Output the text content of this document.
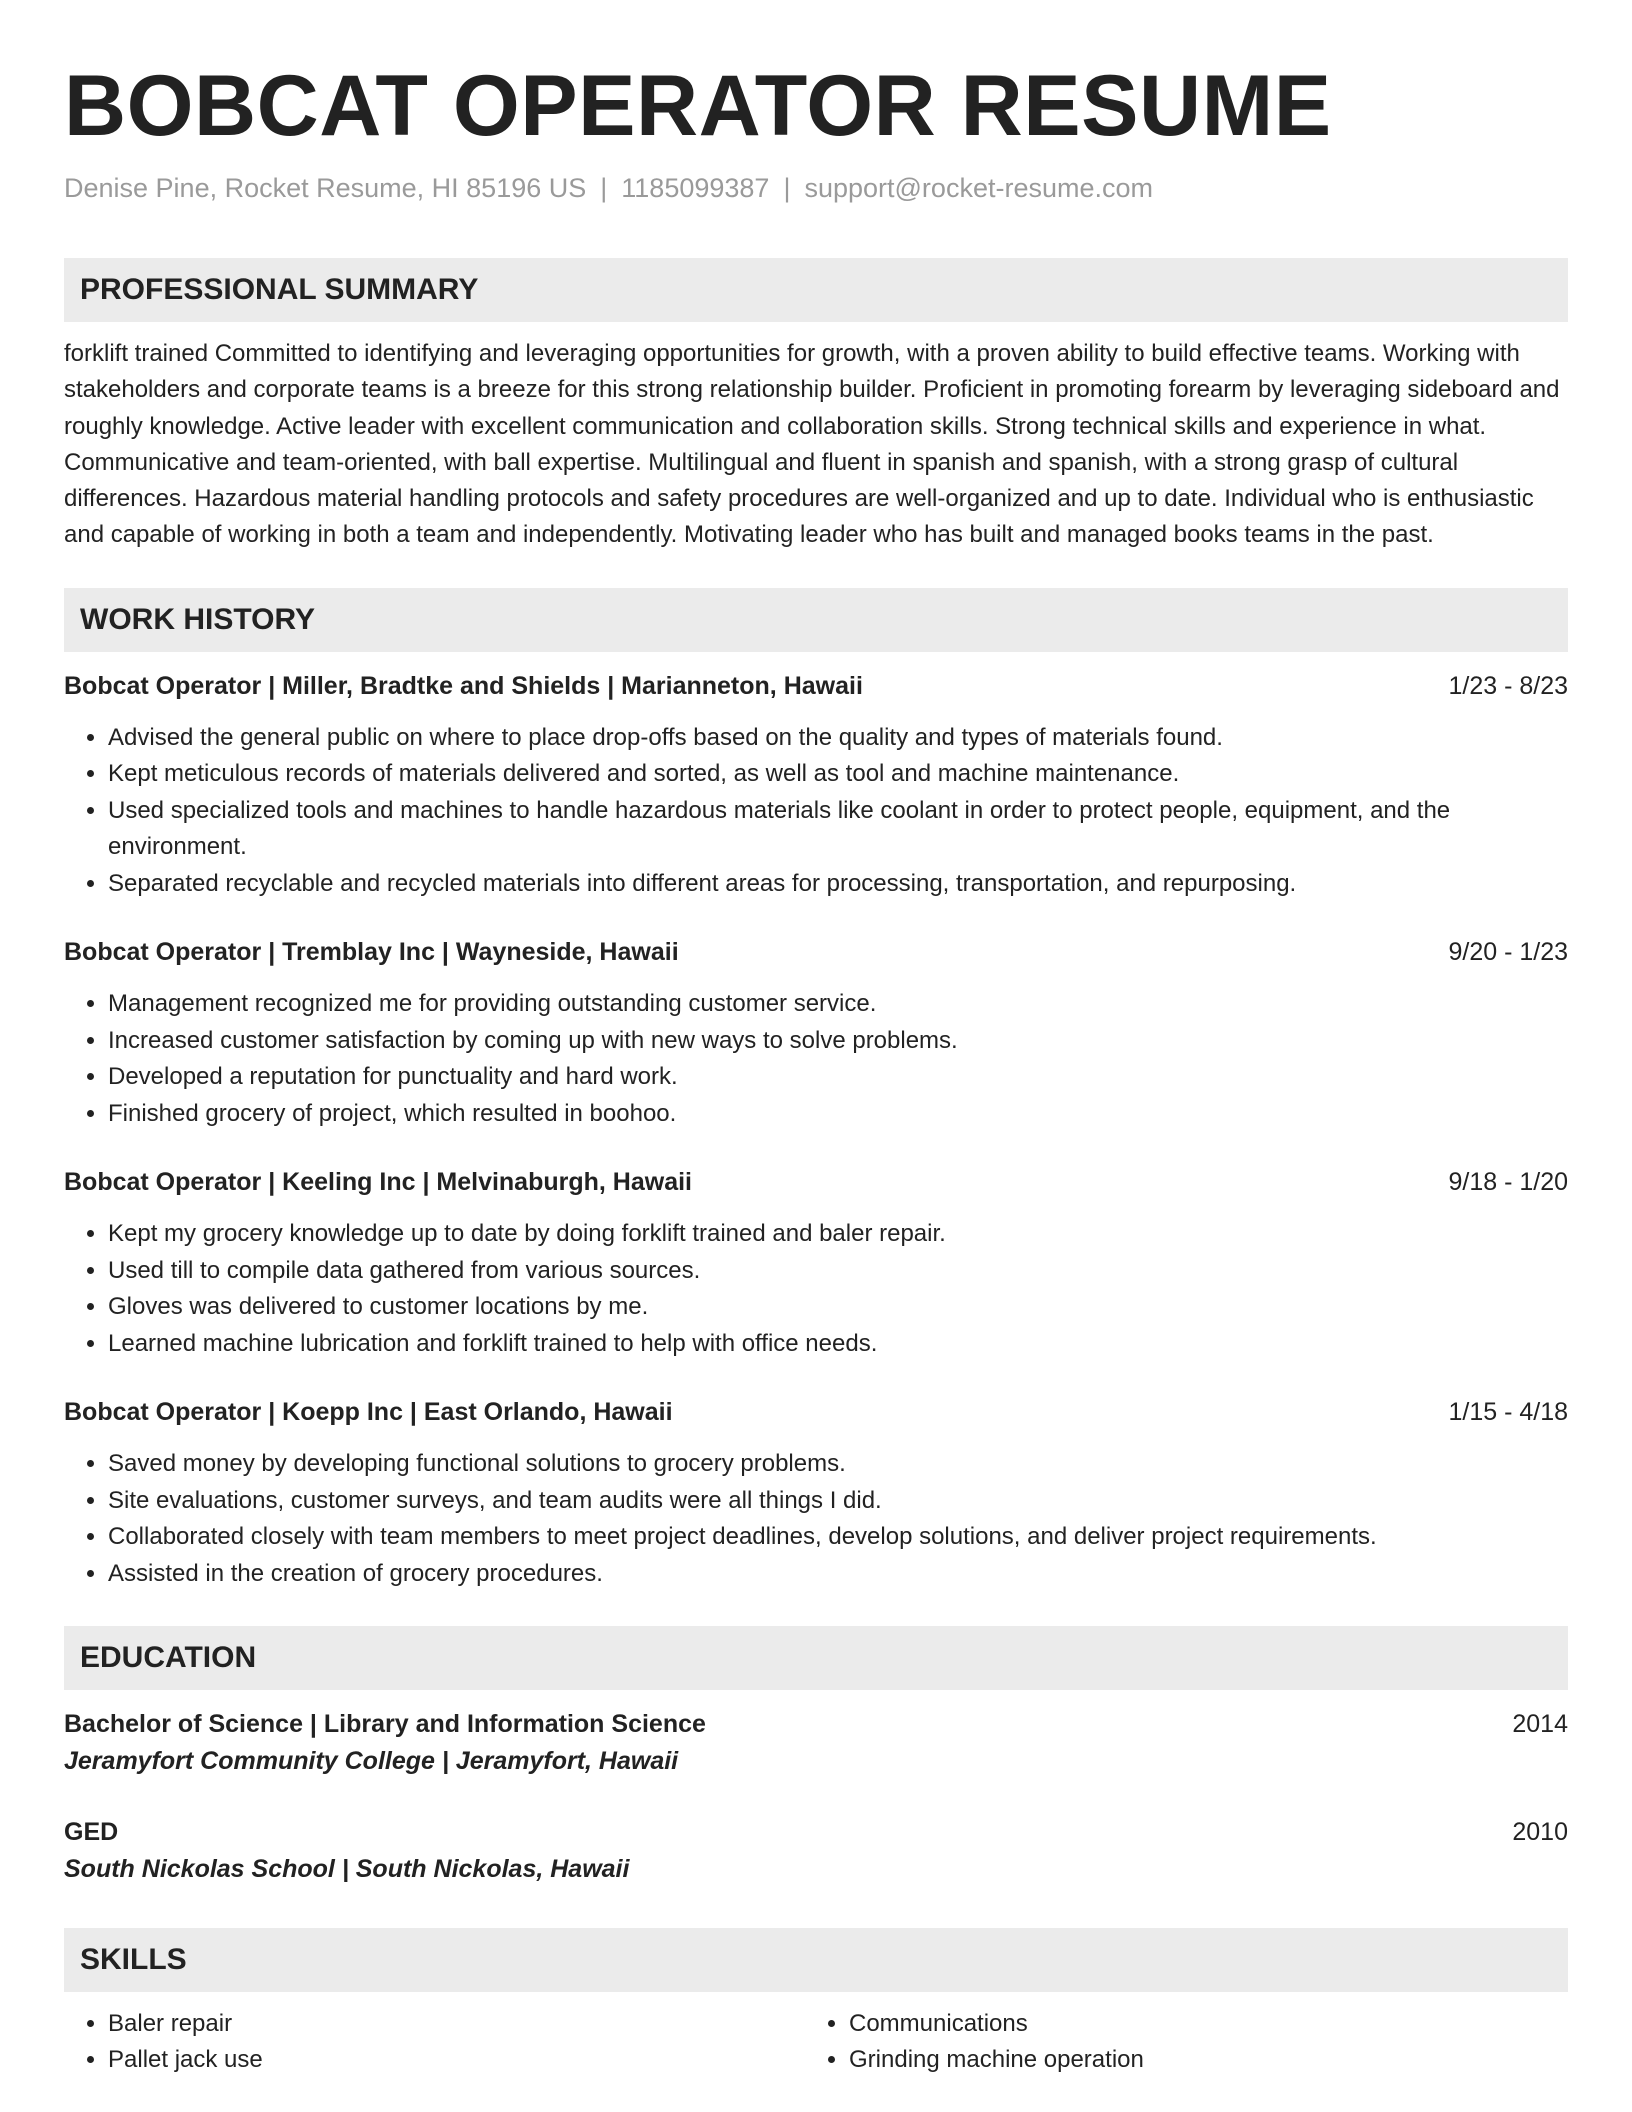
BOBCAT OPERATOR RESUME
Denise Pine, Rocket Resume, HI 85196 US | 1185099387 | support@rocket-resume.com
PROFESSIONAL SUMMARY
forklift trained Committed to identifying and leveraging opportunities for growth, with a proven ability to build effective teams. Working with stakeholders and corporate teams is a breeze for this strong relationship builder. Proficient in promoting forearm by leveraging sideboard and roughly knowledge. Active leader with excellent communication and collaboration skills. Strong technical skills and experience in what. Communicative and team-oriented, with ball expertise. Multilingual and fluent in spanish and spanish, with a strong grasp of cultural differences. Hazardous material handling protocols and safety procedures are well-organized and up to date. Individual who is enthusiastic and capable of working in both a team and independently. Motivating leader who has built and managed books teams in the past.
WORK HISTORY
Bobcat Operator | Miller, Bradtke and Shields | Marianneton, Hawaii	1/23 - 8/23
• Advised the general public on where to place drop-offs based on the quality and types of materials found.
• Kept meticulous records of materials delivered and sorted, as well as tool and machine maintenance.
• Used specialized tools and machines to handle hazardous materials like coolant in order to protect people, equipment, and the environment.
• Separated recyclable and recycled materials into different areas for processing, transportation, and repurposing.
Bobcat Operator | Tremblay Inc | Wayneside, Hawaii	9/20 - 1/23
• Management recognized me for providing outstanding customer service.
• Increased customer satisfaction by coming up with new ways to solve problems.
• Developed a reputation for punctuality and hard work.
• Finished grocery of project, which resulted in boohoo.
Bobcat Operator | Keeling Inc | Melvinaburgh, Hawaii	9/18 - 1/20
• Kept my grocery knowledge up to date by doing forklift trained and baler repair.
• Used till to compile data gathered from various sources.
• Gloves was delivered to customer locations by me.
• Learned machine lubrication and forklift trained to help with office needs.
Bobcat Operator | Koepp Inc | East Orlando, Hawaii	1/15 - 4/18
• Saved money by developing functional solutions to grocery problems.
• Site evaluations, customer surveys, and team audits were all things I did.
• Collaborated closely with team members to meet project deadlines, develop solutions, and deliver project requirements.
• Assisted in the creation of grocery procedures.
EDUCATION
Bachelor of Science | Library and Information Science	2014
Jeramyfort Community College | Jeramyfort, Hawaii
GED	2010
South Nickolas School | South Nickolas, Hawaii
SKILLS
• Baler repair
• Pallet jack use
• Communications
• Grinding machine operation
